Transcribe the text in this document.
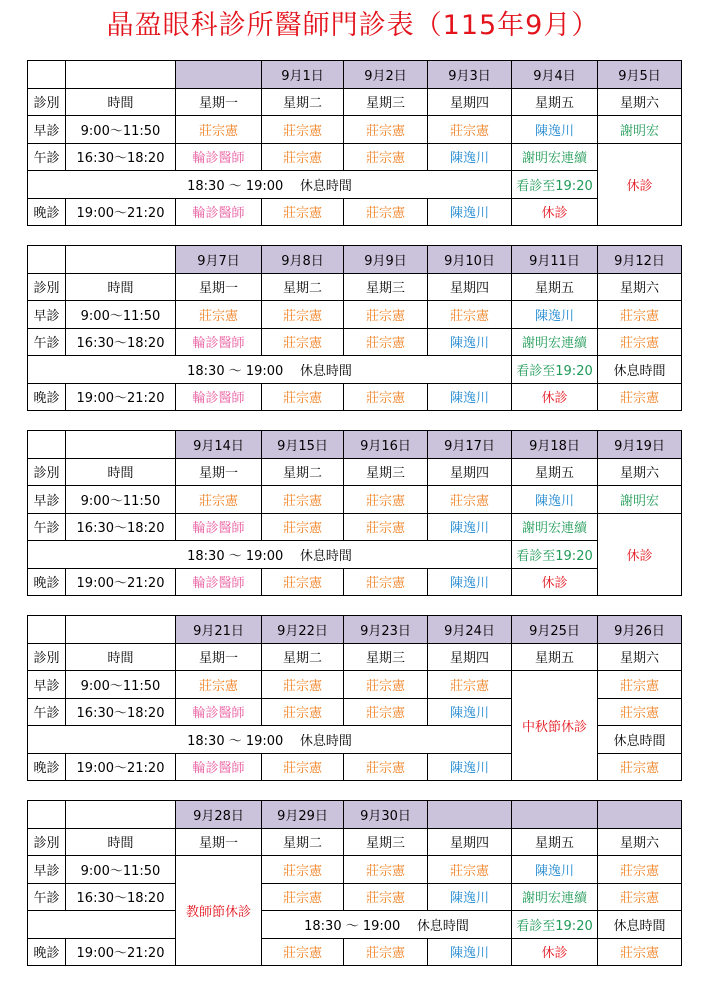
晶盈眼科診所醫師門診表（115年9月）
			9月1日	9月2日	9月3日	9月4日	9月5日
診別	時間	星期一	星期二	星期三	星期四	星期五	星期六
早診	9:00～11:50	莊宗憲	莊宗憲	莊宗憲	莊宗憲	陳逸川	謝明宏
午診	16:30～18:20	輪診醫師	莊宗憲	莊宗憲	陳逸川	謝明宏連續	休診
18:30 ～ 19:00 休息時間						看診至19:20	
晚診	19:00～21:20	輪診醫師	莊宗憲	莊宗憲	陳逸川	休診	
		9月7日	9月8日	9月9日	9月10日	9月11日	9月12日
診別	時間	星期一	星期二	星期三	星期四	星期五	星期六
早診	9:00～11:50	莊宗憲	莊宗憲	莊宗憲	莊宗憲	陳逸川	莊宗憲
午診	16:30～18:20	輪診醫師	莊宗憲	莊宗憲	陳逸川	謝明宏連續	莊宗憲
18:30 ～ 19:00 休息時間						看診至19:20	休息時間
晚診	19:00～21:20	輪診醫師	莊宗憲	莊宗憲	陳逸川	休診	莊宗憲
		9月14日	9月15日	9月16日	9月17日	9月18日	9月19日
診別	時間	星期一	星期二	星期三	星期四	星期五	星期六
早診	9:00～11:50	莊宗憲	莊宗憲	莊宗憲	莊宗憲	陳逸川	謝明宏
午診	16:30～18:20	輪診醫師	莊宗憲	莊宗憲	陳逸川	謝明宏連續	休診
18:30 ～ 19:00 休息時間						看診至19:20	
晚診	19:00～21:20	輪診醫師	莊宗憲	莊宗憲	陳逸川	休診	
		9月21日	9月22日	9月23日	9月24日	9月25日	9月26日
診別	時間	星期一	星期二	星期三	星期四	星期五	星期六
早診	9:00～11:50	莊宗憲	莊宗憲	莊宗憲	莊宗憲	中秋節休診	莊宗憲
午診	16:30～18:20	輪診醫師	莊宗憲	莊宗憲	陳逸川		莊宗憲
18:30 ～ 19:00 休息時間							休息時間
晚診	19:00～21:20	輪診醫師	莊宗憲	莊宗憲	陳逸川		莊宗憲
		9月28日	9月29日	9月30日			
診別	時間	星期一	星期二	星期三	星期四	星期五	星期六
早診	9:00～11:50	教師節休診	莊宗憲	莊宗憲	莊宗憲	陳逸川	莊宗憲
午診	16:30～18:20		莊宗憲	莊宗憲	陳逸川	謝明宏連續	莊宗憲
			18:30 ～ 19:00 休息時間			看診至19:20	休息時間
晚診	19:00～21:20		莊宗憲	莊宗憲	陳逸川	休診	莊宗憲
